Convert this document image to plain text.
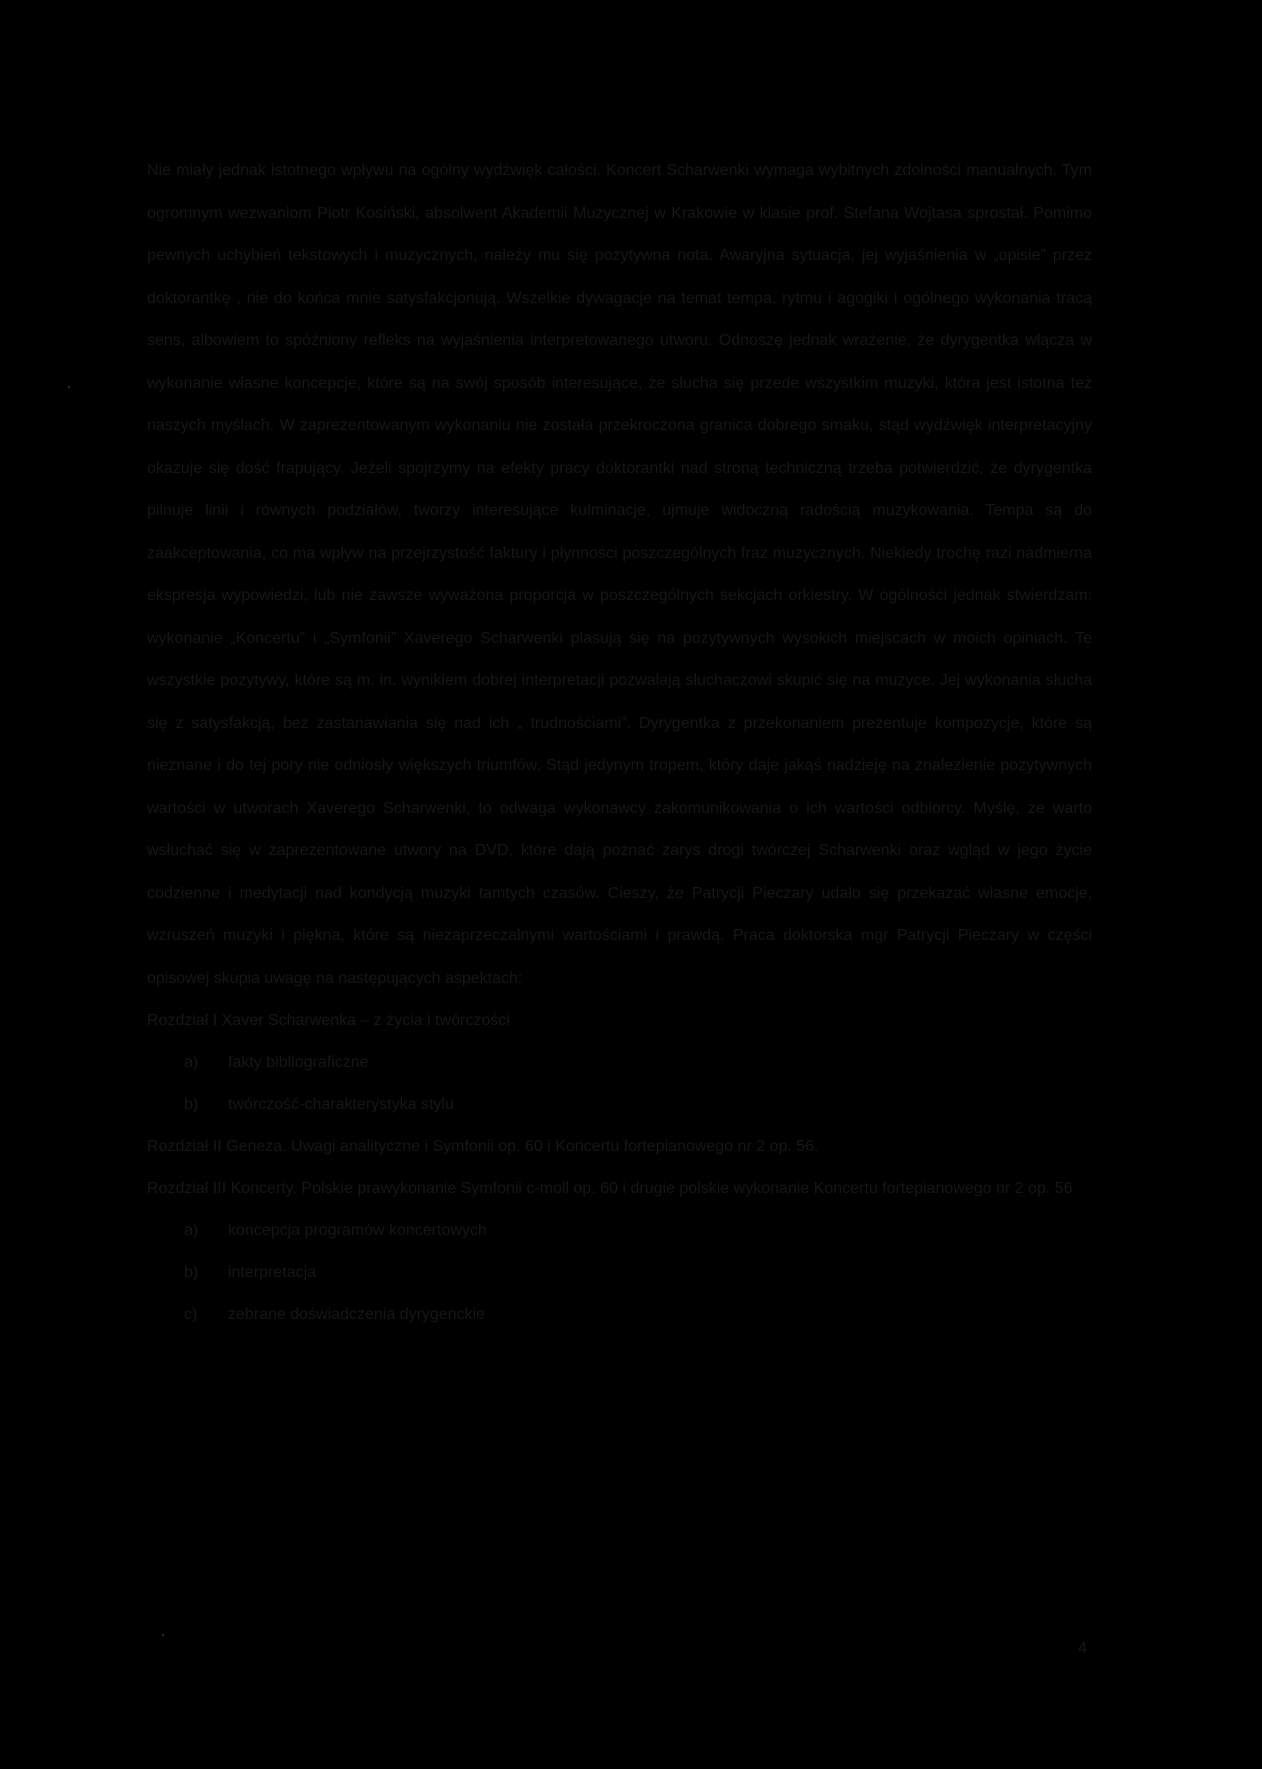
Nie miały jednak istotnego wpływu na ogólny wydźwięk całości. Koncert Scharwenki wymaga wybitnych zdolności manualnych. Tym ogromnym wezwaniom Piotr Kosiński, absolwent Akademii Muzycznej w Krakowie w klasie prof. Stefana Wojtasa sprostał. Pomimo pewnych uchybień tekstowych i muzycznych, należy mu się pozytywna nota. Awaryjna sytuacja, jej wyjaśnienia w „opisie” przez doktorantkę , nie do końca mnie satysfakcjonują. Wszelkie dywagacje na temat tempa, rytmu i agogiki i ogólnego wykonania tracą sens, albowiem to spóźniony refleks na wyjaśnienia interpretowanego utworu. Odnoszę jednak wrażenie, że dyrygentka włącza w wykonanie własne koncepcje, które są na swój sposób interesujące, że słucha się przede wszystkim muzyki, która jest istotna też naszych myślach. W zaprezentowanym wykonaniu nie została przekroczona granica dobrego smaku, stąd wydźwięk interpretacyjny okazuje się dość frapujący. Jeżeli spojrzymy na efekty pracy doktorantki nad stroną techniczną trzeba potwierdzić, że dyrygentka pilnuje linii i równych podziałów, tworzy interesujące kulminacje, ujmuje widoczną radością muzykowania. Tempa są do zaakceptowania, co ma wpływ na przejrzystość faktury i płynności poszczególnych fraz muzycznych. Niekiedy trochę razi nadmierna ekspresja wypowiedzi, lub nie zawsze wyważona proporcja w poszczególnych sekcjach orkiestry. W ogólności jednak stwierdzam: wykonanie „Koncertu” i „Symfonii” Xaverego Scharwenki plasują się na pozytywnych wysokich miejscach w moich opiniach. Te wszystkie pozytywy, które są m. in. wynikiem dobrej interpretacji pozwalają słuchaczowi skupić się na muzyce. Jej wykonania słucha się z satysfakcją, bez zastanawiania się nad ich „ trudnościami”. Dyrygentka z przekonaniem prezentuje kompozycje, które są nieznane i do tej pory nie odniosły większych triumfów. Stąd jedynym tropem, który daje jakąś nadzieję na znalezienie pozytywnych wartości w utworach Xaverego Scharwenki, to odwaga wykonawcy zakomunikowania o ich wartości odbiorcy. Myślę, że warto wsłuchać się w zaprezentowane utwory na DVD, które dają poznać zarys drogi twórczej Scharwenki oraz wgląd w jego życie codzienne i medytacji nad kondycją muzyki tamtych czasów. Cieszy, że Patrycji Pieczary udało się przekazać własne emocje, wzruszeń muzyki i piękna, które są niezaprzeczalnymi wartościami i prawdą. Praca doktorska mgr Patrycji Pieczary w części opisowej skupia uwagę na następujących aspektach:

Rozdział I Xaver Scharwenka – z życia i twórczości

a)	fakty bibliograficzne
b)	twórczość-charakterystyka stylu

Rozdział II Geneza. Uwagi analityczne i Symfonii op. 60 i Koncertu fortepianowego nr 2 op. 56.

Rozdział III Koncerty. Polskie prawykonanie Symfonii c-moll op. 60 i drugie polskie wykonanie Koncertu fortepianowego nr 2 op. 56

a)	koncepcja programów koncertowych
b)	interpretacja
c)	zebrane doświadczenia dyrygenckie
4
